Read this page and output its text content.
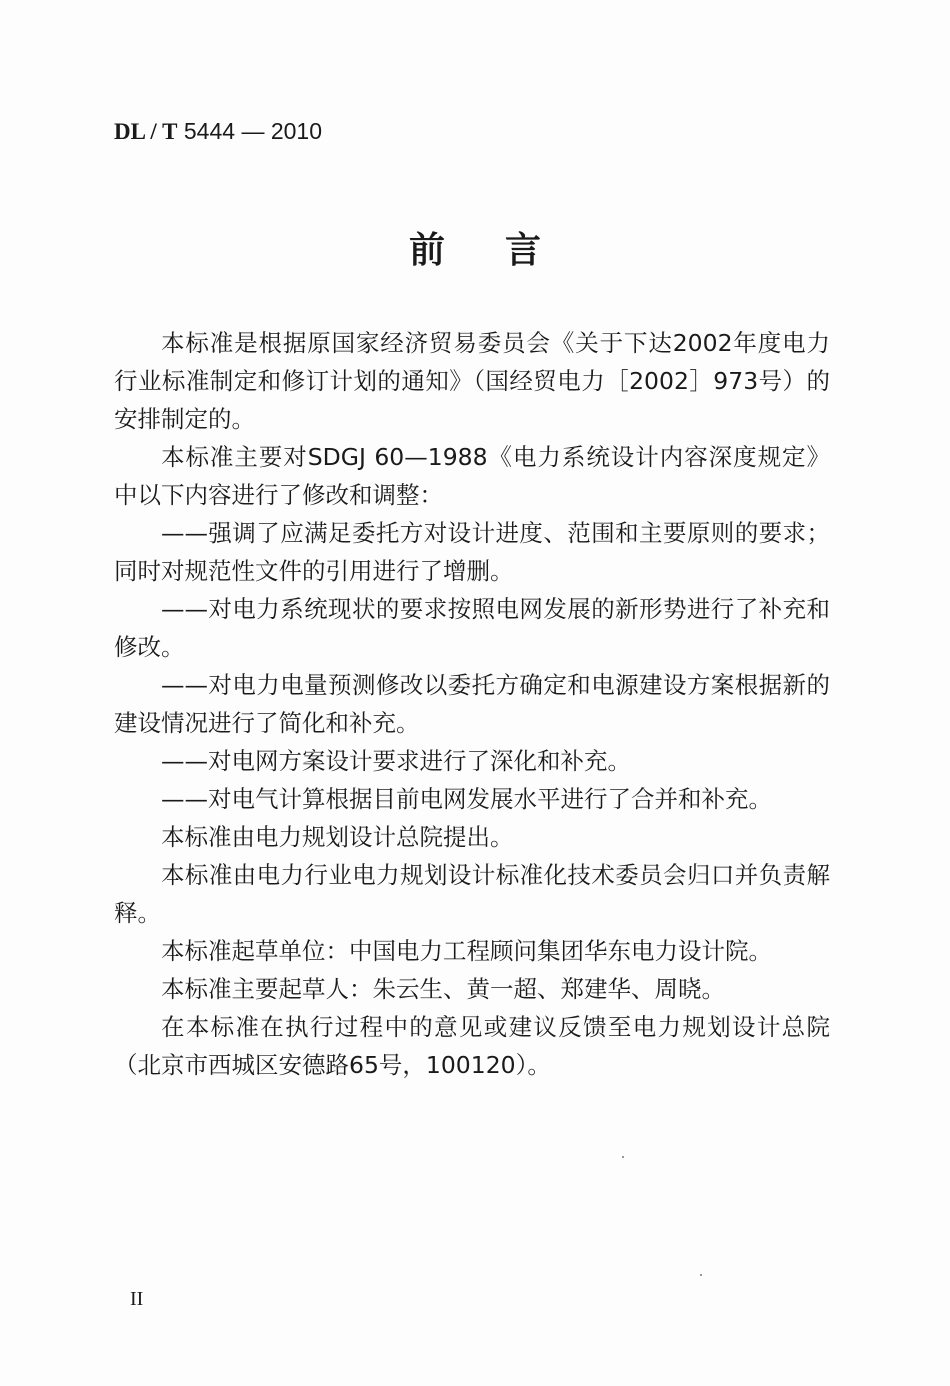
DL / T 5444 — 2010
前言

本标准是根据原国家经济贸易委员会《关于下达2002年度电力行业标准制定和修订计划的通知》（国经贸电力［2002］973号）的安排制定的。

本标准主要对SDGJ 60—1988《电力系统设计内容深度规定》中以下内容进行了修改和调整：

——强调了应满足委托方对设计进度、范围和主要原则的要求；同时对规范性文件的引用进行了增删。

——对电力系统现状的要求按照电网发展的新形势进行了补充和修改。

——对电力电量预测修改以委托方确定和电源建设方案根据新的建设情况进行了简化和补充。

——对电网方案设计要求进行了深化和补充。

——对电气计算根据目前电网发展水平进行了合并和补充。

本标准由电力规划设计总院提出。

本标准由电力行业电力规划设计标准化技术委员会归口并负责解释。

本标准起草单位：中国电力工程顾问集团华东电力设计院。

本标准主要起草人：朱云生、黄一超、郑建华、周晓。

在本标准在执行过程中的意见或建议反馈至电力规划设计总院（北京市西城区安德路65号，100120）。

II
